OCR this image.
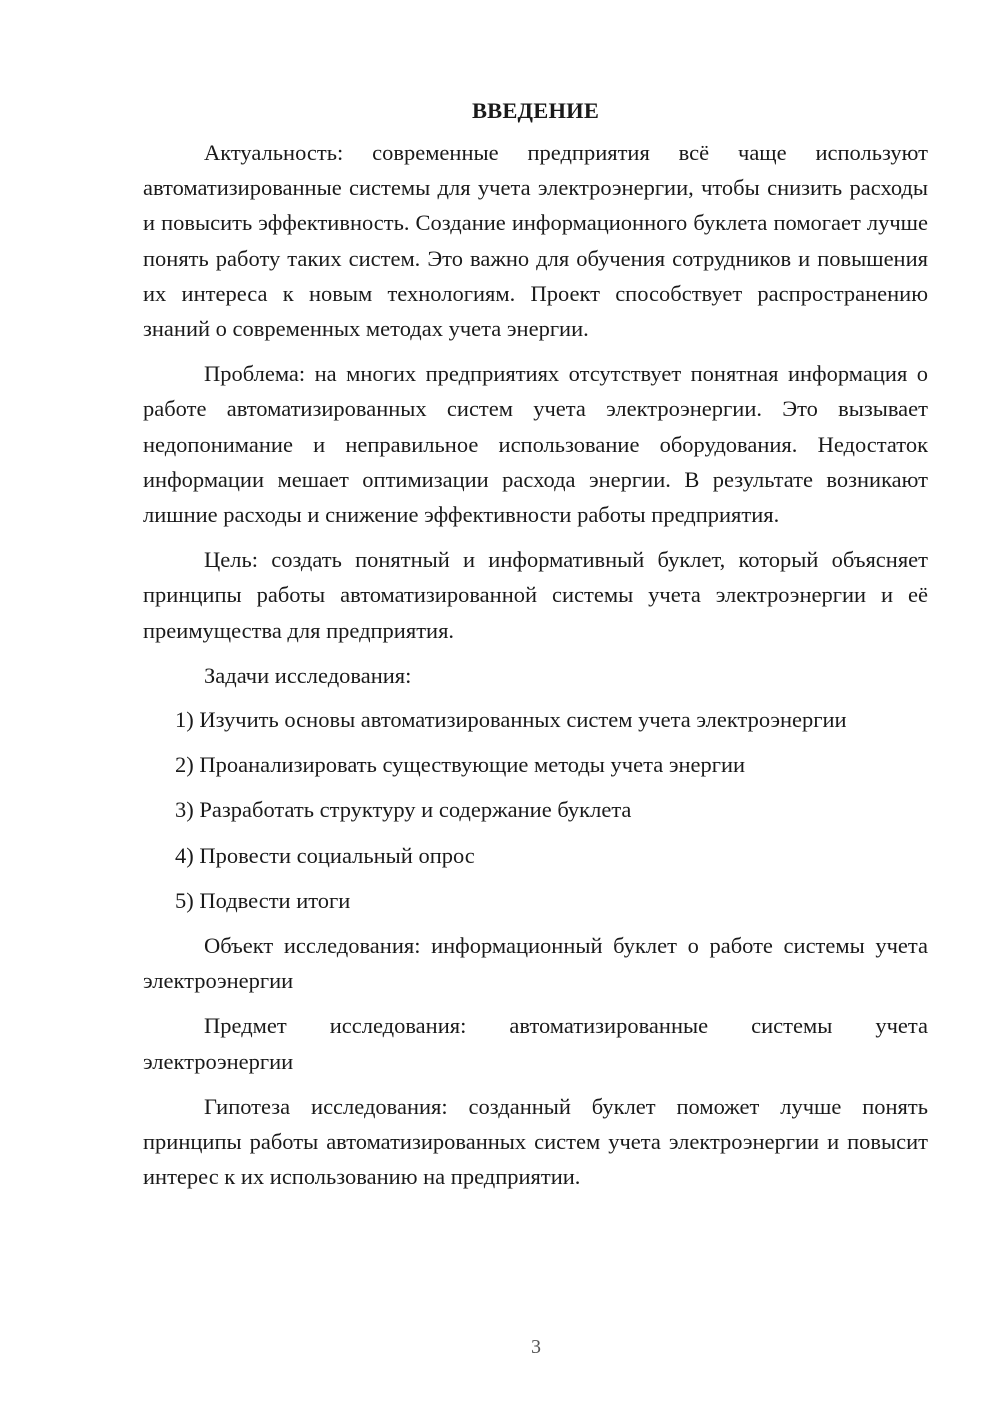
ВВЕДЕНИЕ

Актуальность: современные предприятия всё чаще используют автоматизированные системы для учета электроэнергии, чтобы снизить расходы и повысить эффективность. Создание информационного буклета помогает лучше понять работу таких систем. Это важно для обучения сотрудников и повышения их интереса к новым технологиям. Проект способствует распространению знаний о современных методах учета энергии.

Проблема: на многих предприятиях отсутствует понятная информация о работе автоматизированных систем учета электроэнергии. Это вызывает недопонимание и неправильное использование оборудования. Недостаток информации мешает оптимизации расхода энергии. В результате возникают лишние расходы и снижение эффективности работы предприятия.

Цель: создать понятный и информативный буклет, который объясняет принципы работы автоматизированной системы учета электроэнергии и её преимущества для предприятия.

Задачи исследования:

1) Изучить основы автоматизированных систем учета электроэнергии

2) Проанализировать существующие методы учета энергии

3) Разработать структуру и содержание буклета

4) Провести социальный опрос

5) Подвести итоги

Объект исследования: информационный буклет о работе системы учета электроэнергии

Предмет исследования: автоматизированные системы учета электроэнергии

Гипотеза исследования: созданный буклет поможет лучше понять принципы работы автоматизированных систем учета электроэнергии и повысит интерес к их использованию на предприятии.

3
